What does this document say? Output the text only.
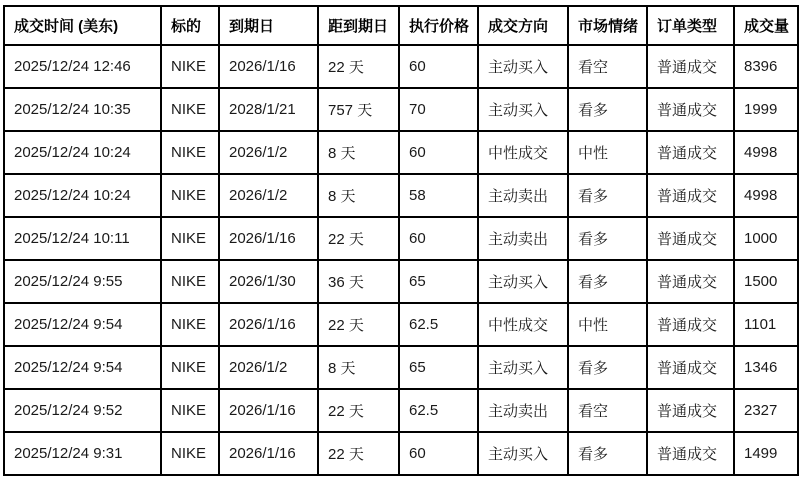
成交时间 (美东)	标的	到期日	距到期日	执行价格	成交方向	市场情绪	订单类型	成交量
2025/12/24 12:46	NIKE	2026/1/16	22 天	60	主动买入	看空	普通成交	8396
2025/12/24 10:35	NIKE	2028/1/21	757 天	70	主动买入	看多	普通成交	1999
2025/12/24 10:24	NIKE	2026/1/2	8 天	60	中性成交	中性	普通成交	4998
2025/12/24 10:24	NIKE	2026/1/2	8 天	58	主动卖出	看多	普通成交	4998
2025/12/24 10:11	NIKE	2026/1/16	22 天	60	主动卖出	看多	普通成交	1000
2025/12/24 9:55	NIKE	2026/1/30	36 天	65	主动买入	看多	普通成交	1500
2025/12/24 9:54	NIKE	2026/1/16	22 天	62.5	中性成交	中性	普通成交	1101
2025/12/24 9:54	NIKE	2026/1/2	8 天	65	主动买入	看多	普通成交	1346
2025/12/24 9:52	NIKE	2026/1/16	22 天	62.5	主动卖出	看空	普通成交	2327
2025/12/24 9:31	NIKE	2026/1/16	22 天	60	主动买入	看多	普通成交	1499
